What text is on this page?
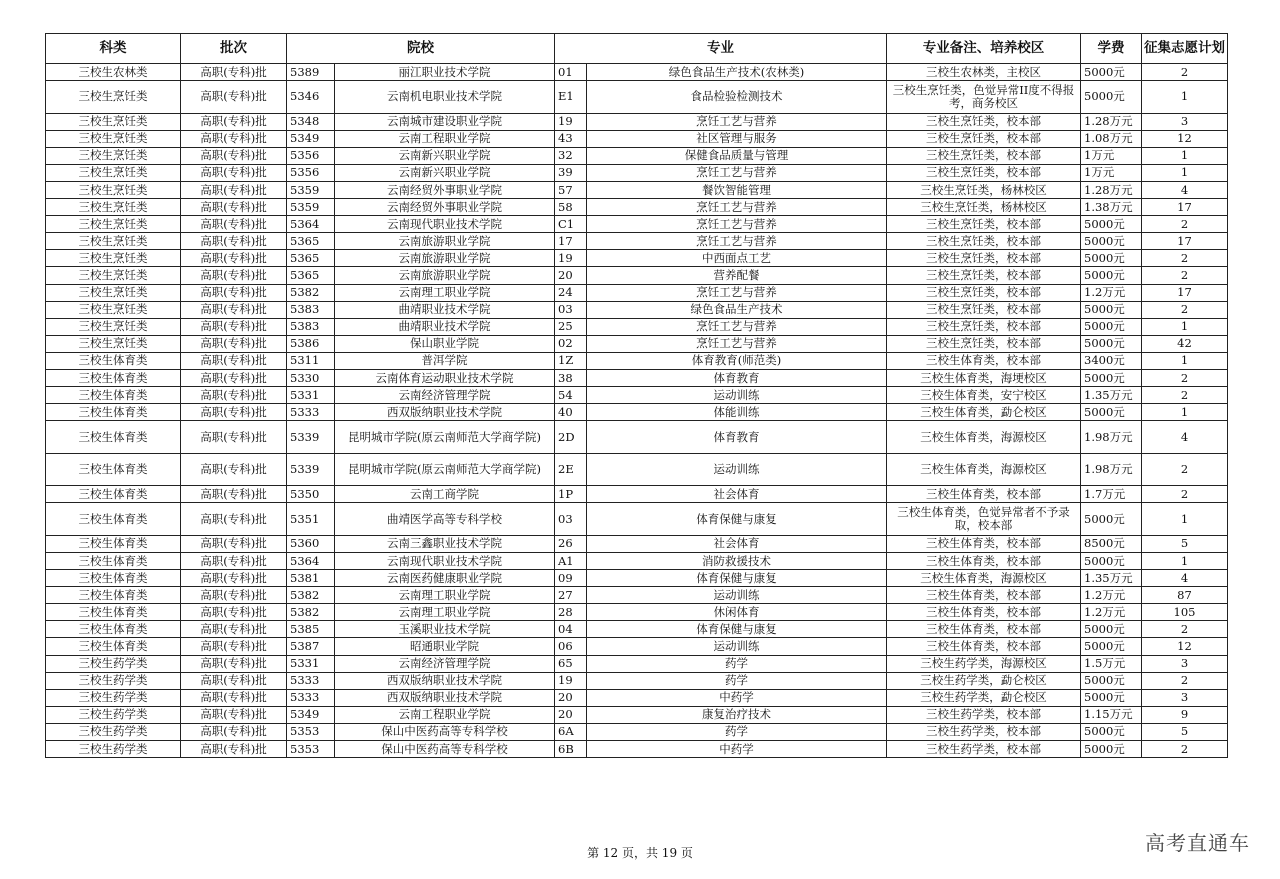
科类	批次	院校		专业		专业备注、培养校区	学费	征集志愿计划
三校生农林类	高职(专科)批	5389	丽江职业技术学院	01	绿色食品生产技术(农林类)	三校生农林类，主校区	5000元	2
三校生烹饪类	高职(专科)批	5346	云南机电职业技术学院	E1	食品检验检测技术	三校生烹饪类，色觉异常II度不得报考，商务校区	5000元	1
三校生烹饪类	高职(专科)批	5348	云南城市建设职业学院	19	烹饪工艺与营养	三校生烹饪类，校本部	1.28万元	3
三校生烹饪类	高职(专科)批	5349	云南工程职业学院	43	社区管理与服务	三校生烹饪类，校本部	1.08万元	12
三校生烹饪类	高职(专科)批	5356	云南新兴职业学院	32	保健食品质量与管理	三校生烹饪类，校本部	1万元	1
三校生烹饪类	高职(专科)批	5356	云南新兴职业学院	39	烹饪工艺与营养	三校生烹饪类，校本部	1万元	1
三校生烹饪类	高职(专科)批	5359	云南经贸外事职业学院	57	餐饮智能管理	三校生烹饪类，杨林校区	1.28万元	4
三校生烹饪类	高职(专科)批	5359	云南经贸外事职业学院	58	烹饪工艺与营养	三校生烹饪类，杨林校区	1.38万元	17
三校生烹饪类	高职(专科)批	5364	云南现代职业技术学院	C1	烹饪工艺与营养	三校生烹饪类，校本部	5000元	2
三校生烹饪类	高职(专科)批	5365	云南旅游职业学院	17	烹饪工艺与营养	三校生烹饪类，校本部	5000元	17
三校生烹饪类	高职(专科)批	5365	云南旅游职业学院	19	中西面点工艺	三校生烹饪类，校本部	5000元	2
三校生烹饪类	高职(专科)批	5365	云南旅游职业学院	20	营养配餐	三校生烹饪类，校本部	5000元	2
三校生烹饪类	高职(专科)批	5382	云南理工职业学院	24	烹饪工艺与营养	三校生烹饪类，校本部	1.2万元	17
三校生烹饪类	高职(专科)批	5383	曲靖职业技术学院	03	绿色食品生产技术	三校生烹饪类，校本部	5000元	2
三校生烹饪类	高职(专科)批	5383	曲靖职业技术学院	25	烹饪工艺与营养	三校生烹饪类，校本部	5000元	1
三校生烹饪类	高职(专科)批	5386	保山职业学院	02	烹饪工艺与营养	三校生烹饪类，校本部	5000元	42
三校生体育类	高职(专科)批	5311	普洱学院	1Z	体育教育(师范类)	三校生体育类，校本部	3400元	1
三校生体育类	高职(专科)批	5330	云南体育运动职业技术学院	38	体育教育	三校生体育类，海埂校区	5000元	2
三校生体育类	高职(专科)批	5331	云南经济管理学院	54	运动训练	三校生体育类，安宁校区	1.35万元	2
三校生体育类	高职(专科)批	5333	西双版纳职业技术学院	40	体能训练	三校生体育类，勐仑校区	5000元	1
三校生体育类	高职(专科)批	5339	昆明城市学院(原云南师范大学商学院)	2D	体育教育	三校生体育类，海源校区	1.98万元	4
三校生体育类	高职(专科)批	5339	昆明城市学院(原云南师范大学商学院)	2E	运动训练	三校生体育类，海源校区	1.98万元	2
三校生体育类	高职(专科)批	5350	云南工商学院	1P	社会体育	三校生体育类，校本部	1.7万元	2
三校生体育类	高职(专科)批	5351	曲靖医学高等专科学校	03	体育保健与康复	三校生体育类，色觉异常者不予录取，校本部	5000元	1
三校生体育类	高职(专科)批	5360	云南三鑫职业技术学院	26	社会体育	三校生体育类，校本部	8500元	5
三校生体育类	高职(专科)批	5364	云南现代职业技术学院	A1	消防救援技术	三校生体育类，校本部	5000元	1
三校生体育类	高职(专科)批	5381	云南医药健康职业学院	09	体育保健与康复	三校生体育类，海源校区	1.35万元	4
三校生体育类	高职(专科)批	5382	云南理工职业学院	27	运动训练	三校生体育类，校本部	1.2万元	87
三校生体育类	高职(专科)批	5382	云南理工职业学院	28	休闲体育	三校生体育类，校本部	1.2万元	105
三校生体育类	高职(专科)批	5385	玉溪职业技术学院	04	体育保健与康复	三校生体育类，校本部	5000元	2
三校生体育类	高职(专科)批	5387	昭通职业学院	06	运动训练	三校生体育类，校本部	5000元	12
三校生药学类	高职(专科)批	5331	云南经济管理学院	65	药学	三校生药学类，海源校区	1.5万元	3
三校生药学类	高职(专科)批	5333	西双版纳职业技术学院	19	药学	三校生药学类，勐仑校区	5000元	2
三校生药学类	高职(专科)批	5333	西双版纳职业技术学院	20	中药学	三校生药学类，勐仑校区	5000元	3
三校生药学类	高职(专科)批	5349	云南工程职业学院	20	康复治疗技术	三校生药学类，校本部	1.15万元	9
三校生药学类	高职(专科)批	5353	保山中医药高等专科学校	6A	药学	三校生药学类，校本部	5000元	5
三校生药学类	高职(专科)批	5353	保山中医药高等专科学校	6B	中药学	三校生药学类，校本部	5000元	2
第 12 页，共 19 页	高考直通车
